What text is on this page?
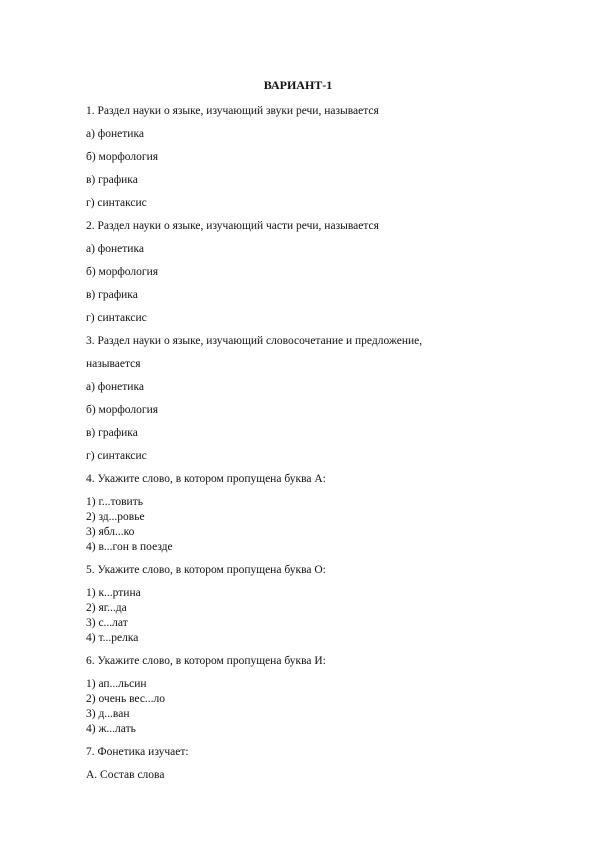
ВАРИАНТ-1
1. Раздел науки о языке, изучающий звуки речи, называется
а) фонетика
б) морфология
в) графика
г) синтаксис
2. Раздел науки о языке, изучающий части речи, называется
а) фонетика
б) морфология
в) графика
г) синтаксис
3. Раздел науки о языке, изучающий словосочетание и предложение,
называется
а) фонетика
б) морфология
в) графика
г) синтаксис
4. Укажите слово, в котором пропущена буква А:
1) г...товить
2) зд...ровье
3) ябл...ко
4) в...гон в поезде
5. Укажите слово, в котором пропущена буква О:
1) к...ртина
2) яг...да
3) с...лат
4) т...релка
6. Укажите слово, в котором пропущена буква И:
1) ап...льсин
2) очень вес...ло
3) д...ван
4) ж...лать
7. Фонетика изучает:
А. Состав слова
